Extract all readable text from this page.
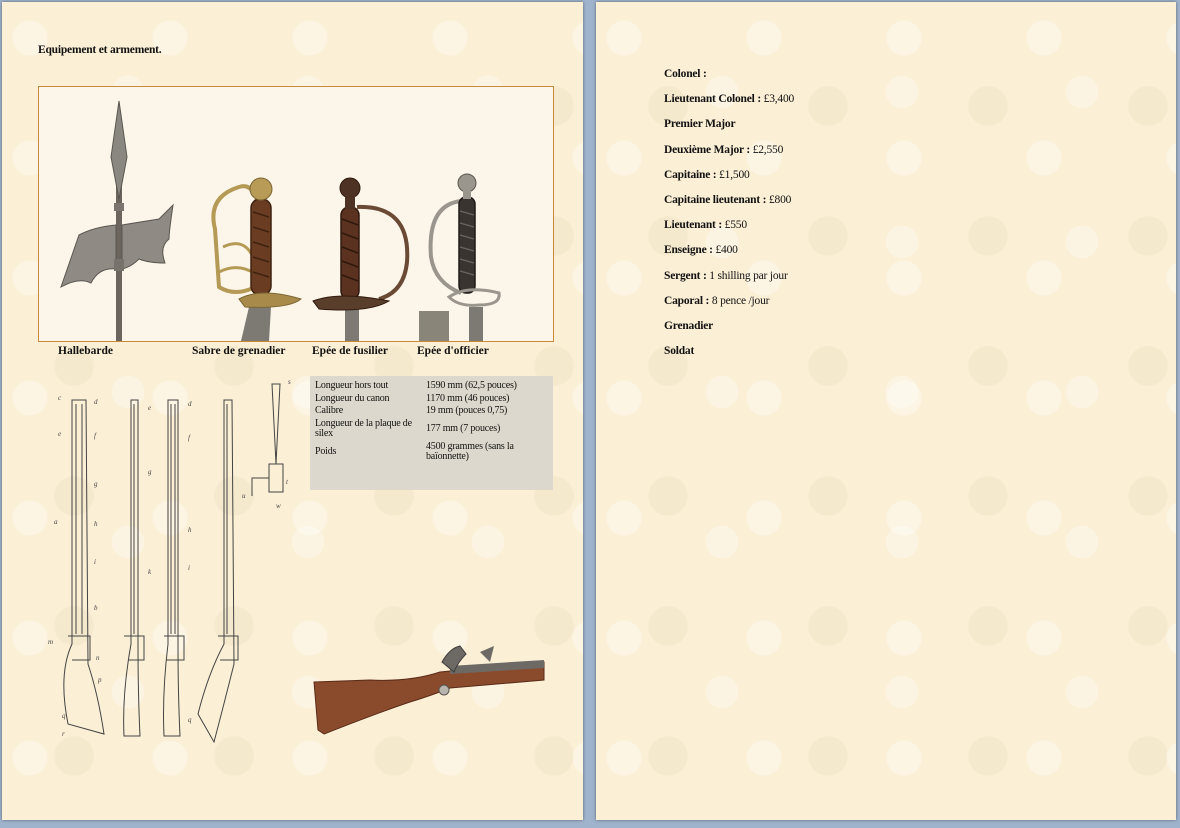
Equipement et armement.
Hallebarde	Sabre de grenadier Epée de fusilier	Epée d'officier
c	d
e	f
g
a	h
i
b
m
n
p
q
r
e
g
k
d
f
h
i
q
s
t
u
w
Longueur hors tout	1590 mm (62,5 pouces)
Longueur du canon	1170 mm (46 pouces)
Calibre	19 mm (pouces 0,75)
Longueur de la plaque de silex	177 mm (7 pouces)
Poids	4500 grammes (sans la baïonnette)
Colonel :
Lieutenant Colonel : £3,400
Premier Major
Deuxième Major : £2,550
Capitaine : £1,500
Capitaine lieutenant : £800
Lieutenant : £550
Enseigne : £400
Sergent : 1 shilling par jour
Caporal : 8 pence /jour
Grenadier
Soldat
